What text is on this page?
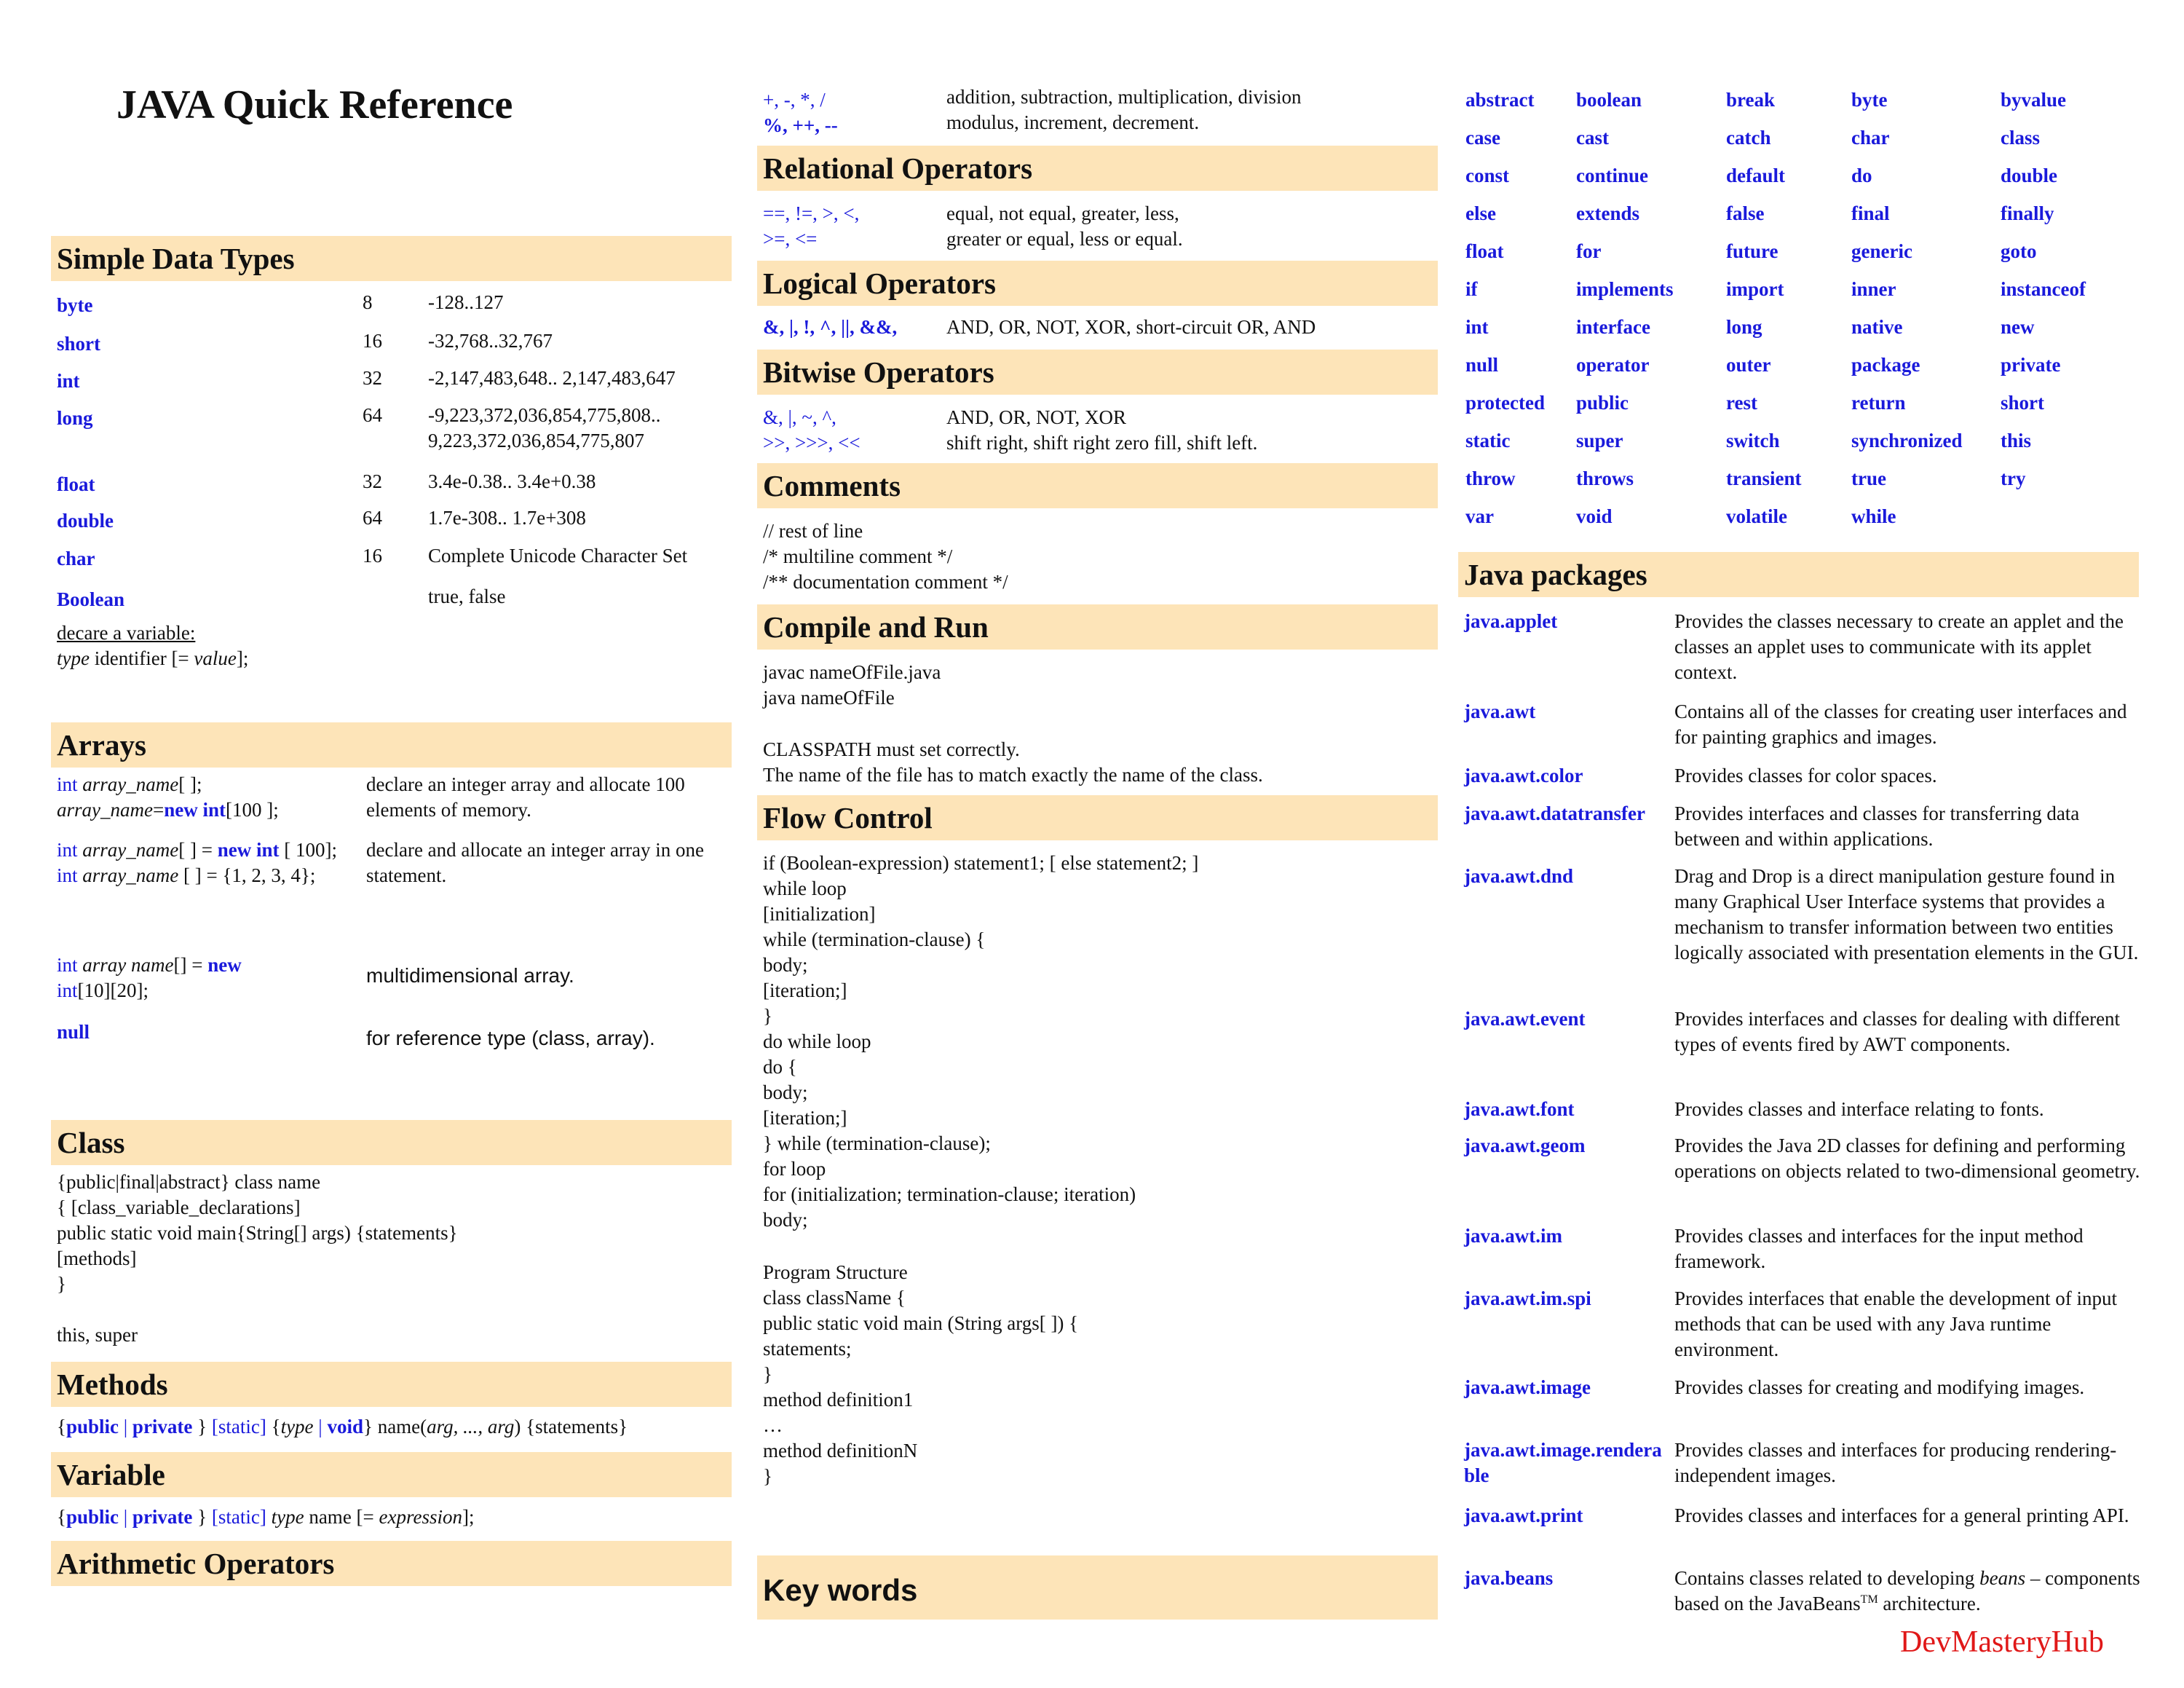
JAVA Quick Reference
Simple Data Types
byte	8	-128..127
short	16 -32,768..32,767
int	32 -2,147,483,648.. 2,147,483,647
long	64 -9,223,372,036,854,775,808..
9,223,372,036,854,775,807
float	32 3.4e-0.38.. 3.4e+0.38
double	64 1.7e-308.. 1.7e+308
char	16 Complete Unicode Character Set
Boolean	true, false
decare a variable:
type identifier [= value];
Arrays
int array_name[ ];
array_name=new int[100 ];
declare an integer array and allocate 100 elements of memory.
int array_name[ ] = new int [ 100];
int array_name [ ] = {1, 2, 3, 4};
declare and allocate an integer array in one statement.
int array name[] = new
int[10][20];
multidimensional array.
null	for reference type (class, array).
Class
{public|final|abstract} class name
{ [class_variable_declarations]
public static void main{String[] args) {statements}
[methods]
}
this, super
Methods
{public | private } [static] {type | void} name(arg, ..., arg) {statements}
Variable
{public | private } [static] type name [= expression];
Arithmetic Operators
+, -, *, /
%, ++, --
addition, subtraction, multiplication, division
modulus, increment, decrement.
Relational Operators
==, !=, >, <,
>=, <=
equal, not equal, greater, less,
greater or equal, less or equal.
Logical Operators
&, |, !, ^, ||, &&,	AND, OR, NOT, XOR, short-circuit OR, AND
Bitwise Operators
&, |, ~, ^,
>>, >>>, <<
AND, OR, NOT, XOR
shift right, shift right zero fill, shift left.
Comments
// rest of line
/* multiline comment */
/** documentation comment */
Compile and Run
javac nameOfFile.java
java nameOfFile
CLASSPATH must set correctly.
The name of the file has to match exactly the name of the class.
Flow Control
if (Boolean-expression) statement1; [ else statement2; ]
while loop
[initialization]
while (termination-clause) {
body;
[iteration;]
}
do while loop
do {
body;
[iteration;]
} while (termination-clause);
for loop
for (initialization; termination-clause; iteration)
body;
Program Structure
class className {
public static void main (String args[ ]) {
statements;
}
method definition1
…
method definitionN
}
Key words
abstract boolean	break	byte	byvalue
case	cast	catch	char	class
const	continue	default	do	double
else	extends	false	final	finally
float	for	future	generic	goto
if	implements	import	inner	instanceof
int	interface	long	native	new
null	operator	outer	package	private
protected public	rest	return	short
static	super	switch	synchronized this
throw	throws	transient	true	try
var	void	volatile	while
Java packages
java.applet	Provides the classes necessary to create an applet and the classes an applet uses to communicate with its applet context.
java.awt	Contains all of the classes for creating user interfaces and for painting graphics and images.
java.awt.color	Provides classes for color spaces.
java.awt.datatransfer	Provides interfaces and classes for transferring data between and within applications.
java.awt.dnd	Drag and Drop is a direct manipulation gesture found in many Graphical User Interface systems that provides a mechanism to transfer information between two entities logically associated with presentation elements in the GUI.
java.awt.event	Provides interfaces and classes for dealing with different types of events fired by AWT components.
java.awt.font	Provides classes and interface relating to fonts.
java.awt.geom	Provides the Java 2D classes for defining and performing operations on objects related to two-dimensional geometry.
java.awt.im	Provides classes and interfaces for the input method framework.
java.awt.im.spi	Provides interfaces that enable the development of input methods that can be used with any Java runtime environment.
java.awt.image	Provides classes for creating and modifying images.
java.awt.image.renderable
Provides classes and interfaces for producing rendering-independent images.
java.awt.print	Provides classes and interfaces for a general printing API.
java.beans	Contains classes related to developing beans – components based on the JavaBeans™ architecture.
DevMasteryHub
